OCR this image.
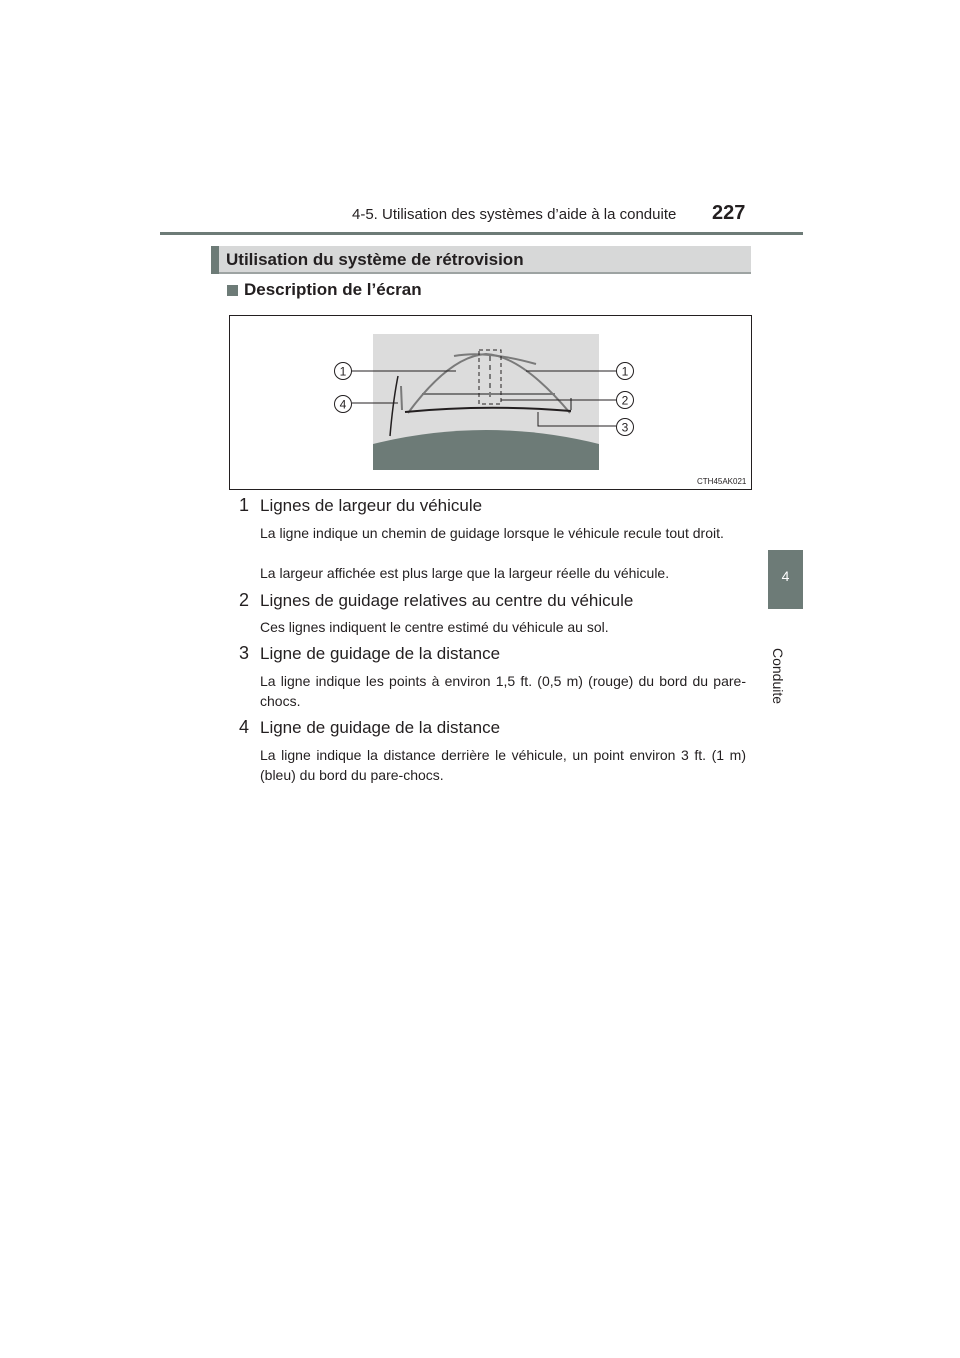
4-5. Utilisation des systèmes d’aide à la conduite 227
4
Conduite
Utilisation du système de rétrovision
Description de l’écran
1	1
2
3
4
CTH45AK021
1 Lignes de largeur du véhicule
La ligne indique un chemin de guidage lorsque le véhicule recule tout droit.
La largeur affichée est plus large que la largeur réelle du véhicule.
2 Lignes de guidage relatives au centre du véhicule
Ces lignes indiquent le centre estimé du véhicule au sol.
3 Ligne de guidage de la distance
La ligne indique les points à environ 1,5 ft. (0,5 m) (rouge) du bord du pare-chocs.
4 Ligne de guidage de la distance
La ligne indique la distance derrière le véhicule, un point environ 3 ft. (1 m) (bleu) du bord du pare-chocs.
